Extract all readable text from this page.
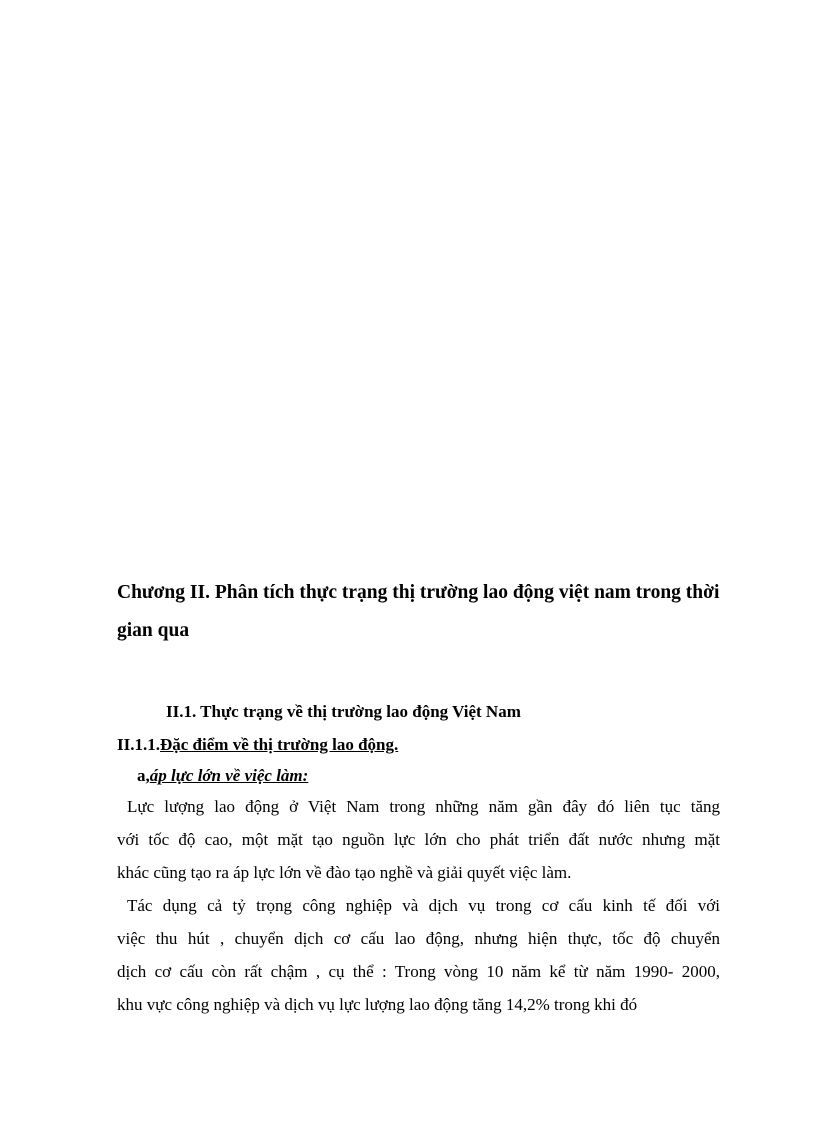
Chương II. Phân tích thực trạng thị trường lao động việt nam trong thời gian qua
II.1. Thực trạng về thị trường lao động Việt Nam
II.1.1.Đặc điểm về thị trường lao động.
a,áp lực lớn về việc làm:

Lực lượng lao động ở Việt Nam trong những năm gần đây đó liên tục tăng

với tốc độ cao, một mặt tạo nguồn lực lớn cho phát triển đất nước nhưng mặt

khác cũng tạo ra áp lực lớn về đào tạo nghề và giải quyết việc làm.

Tác dụng cả tỷ trọng công nghiệp và dịch vụ trong cơ cấu kinh tế đối với

việc thu hút , chuyển dịch cơ cấu lao động, nhưng hiện thực, tốc độ chuyển

dịch cơ cấu còn rất chậm , cụ thể : Trong vòng 10 năm kể từ năm 1990- 2000,

khu vực công nghiệp và dịch vụ lực lượng lao động tăng 14,2% trong khi đó
